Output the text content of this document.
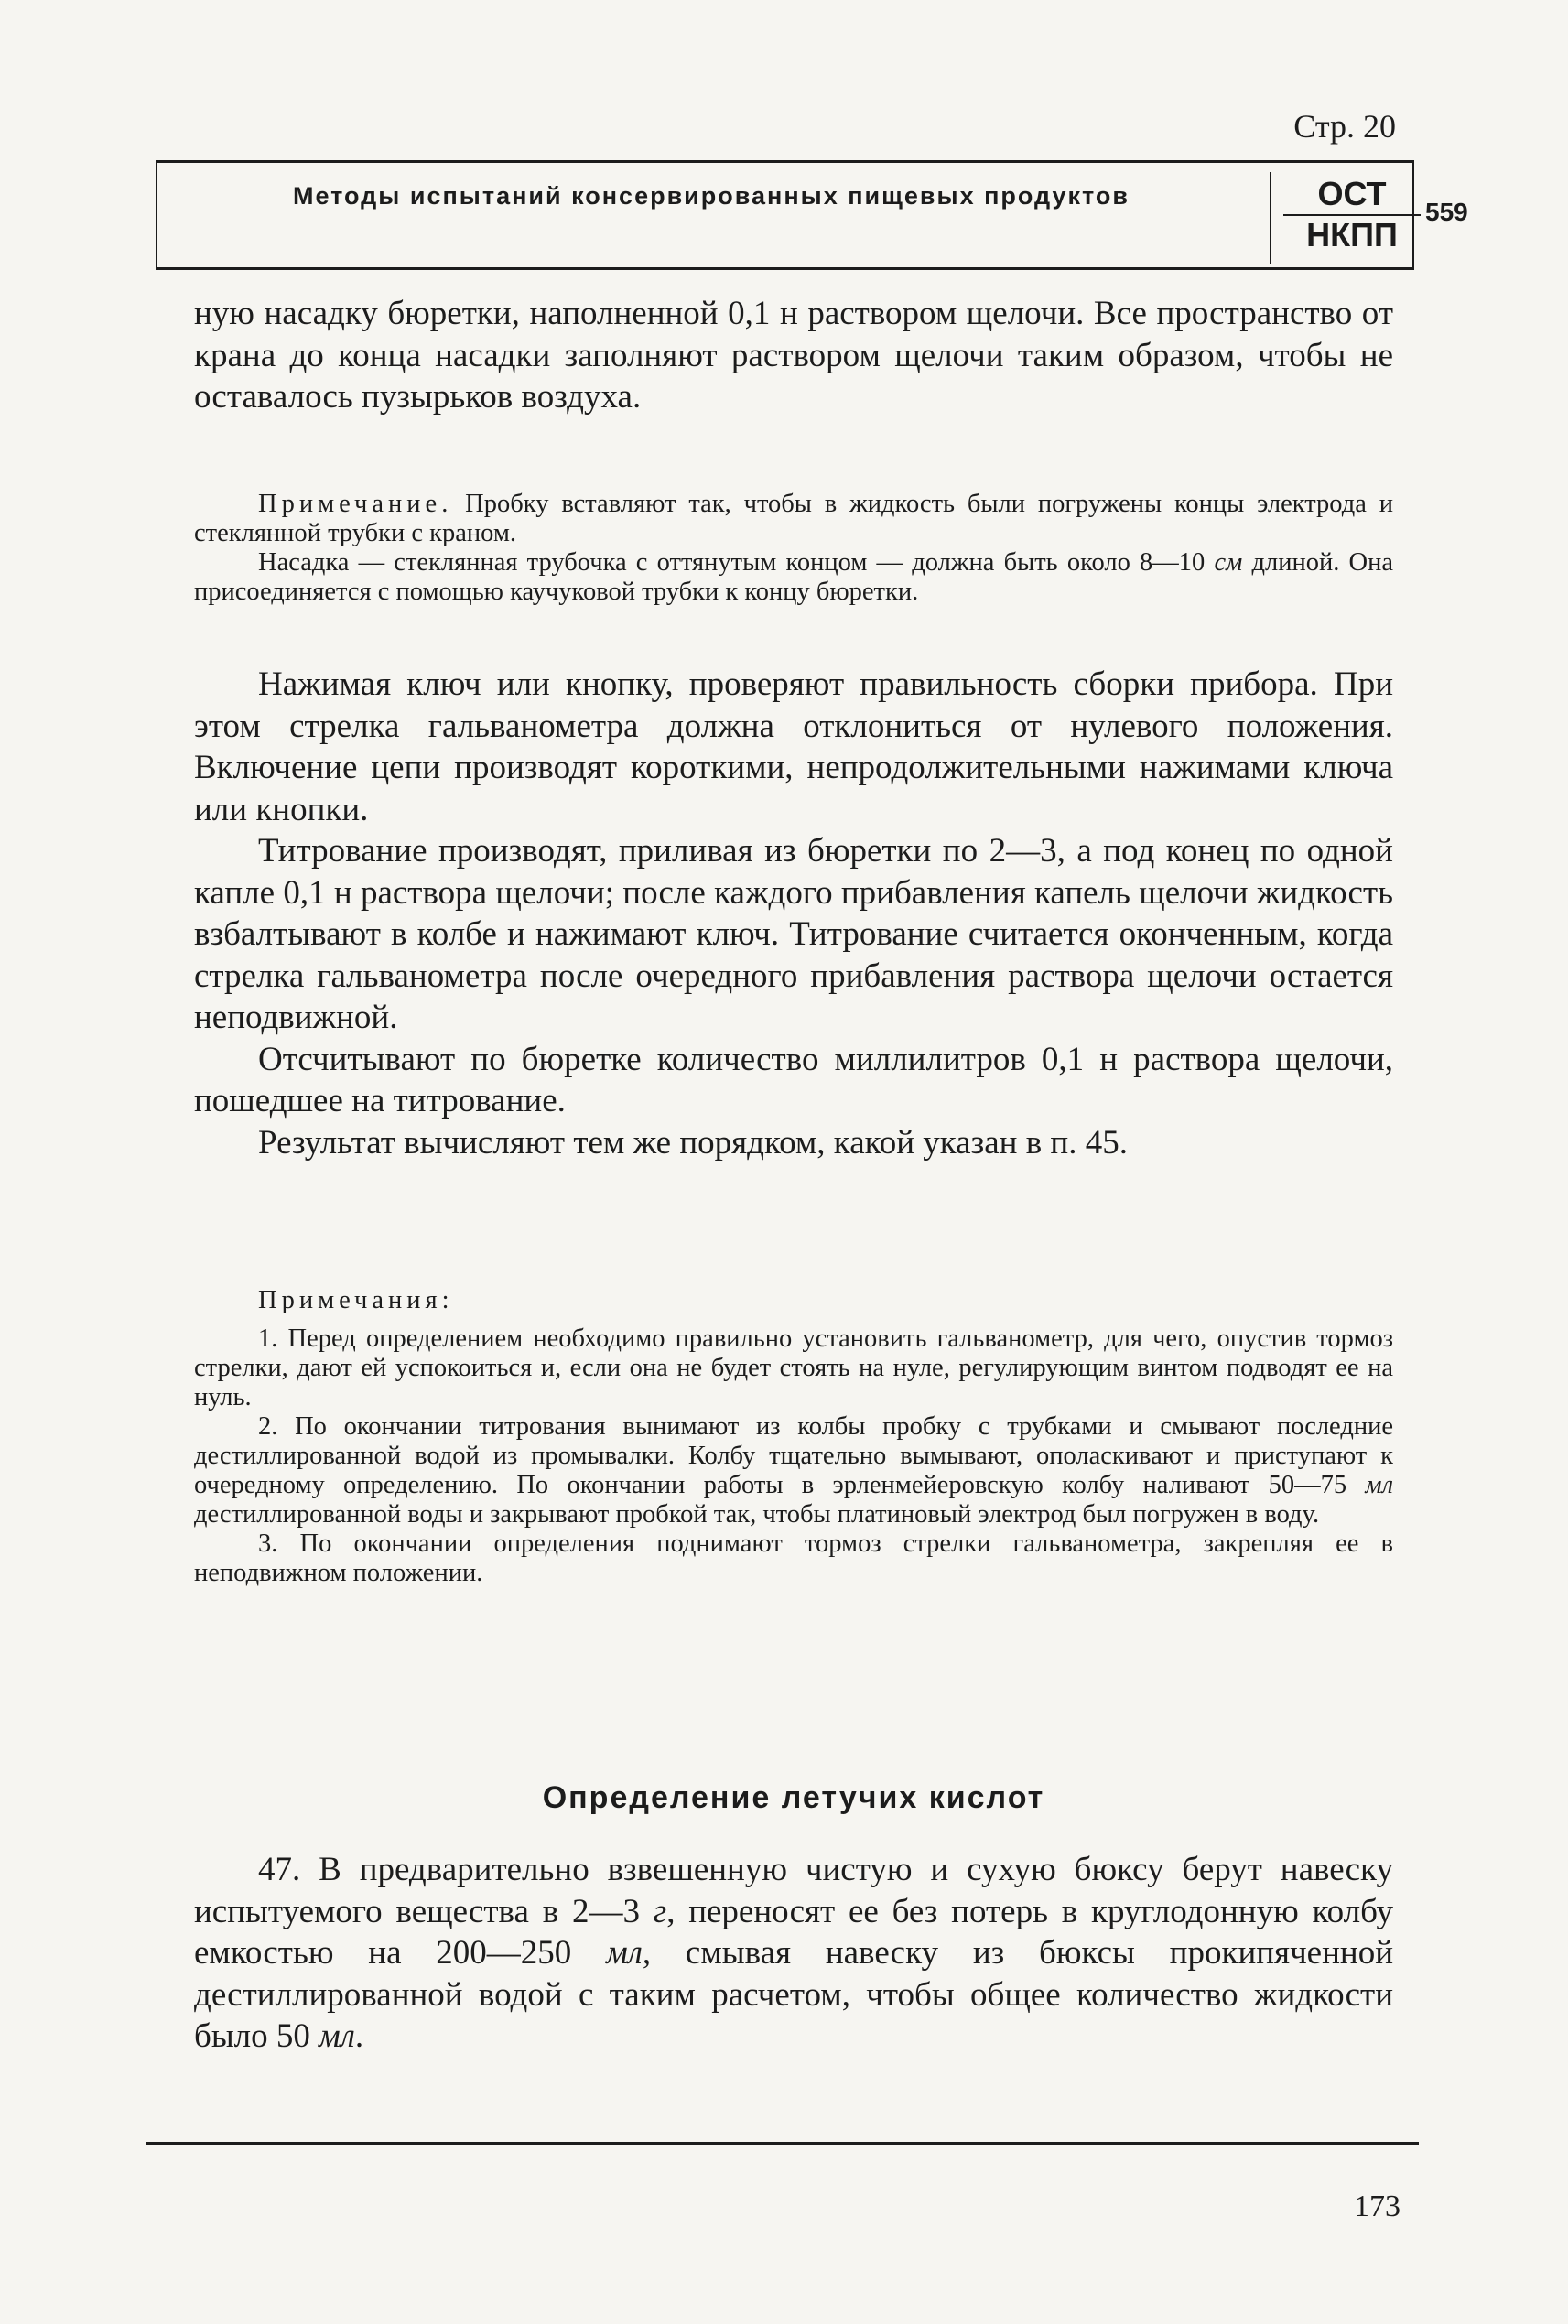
Стр. 20
Методы испытаний консервированных пищевых продуктов	ОСТ
НКПП
559

ную насадку бюретки, наполненной 0,1 н раствором щелочи. Все пространство от крана до конца насадки заполняют раствором щелочи таким образом, чтобы не оставалось пузырьков воздуха.

Примечание. Пробку вставляют так, чтобы в жидкость были погружены концы электрода и стеклянной трубки с краном.

Насадка — стеклянная трубочка с оттянутым концом — должна быть около 8—10 см длиной. Она присоединяется с помощью каучуковой трубки к концу бюретки.

Нажимая ключ или кнопку, проверяют правильность сборки прибора. При этом стрелка гальванометра должна отклониться от нулевого положения. Включение цепи производят короткими, непродолжительными нажимами ключа или кнопки.

Титрование производят, приливая из бюретки по 2—3, а под конец по одной капле 0,1 н раствора щелочи; после каждого прибавления капель щелочи жидкость взбалтывают в колбе и нажимают ключ. Титрование считается оконченным, когда стрелка гальванометра после очередного прибавления раствора щелочи остается неподвижной.

Отсчитывают по бюретке количество миллилитров 0,1 н раствора щелочи, пошедшее на титрование.

Результат вычисляют тем же порядком, какой указан в п. 45.

Примечания:

1. Перед определением необходимо правильно установить гальванометр, для чего, опустив тормоз стрелки, дают ей успокоиться и, если она не будет стоять на нуле, регулирующим винтом подводят ее на нуль.

2. По окончании титрования вынимают из колбы пробку с трубками и смывают последние дестиллированной водой из промывалки. Колбу тщательно вымывают, ополаскивают и приступают к очередному определению. По окончании работы в эрленмейеровскую колбу наливают 50—75 мл дестиллированной воды и закрывают пробкой так, чтобы платиновый электрод был погружен в воду.

3. По окончании определения поднимают тормоз стрелки гальванометра, закрепляя ее в неподвижном положении.

Определение летучих кислот

47. В предварительно взвешенную чистую и сухую бюксу берут навеску испытуемого вещества в 2—3 г, переносят ее без потерь в круглодонную колбу емкостью на 200—250 мл, смывая навеску из бюксы прокипяченной дестиллированной водой с таким расчетом, чтобы общее количество жидкости было 50 мл.

173
